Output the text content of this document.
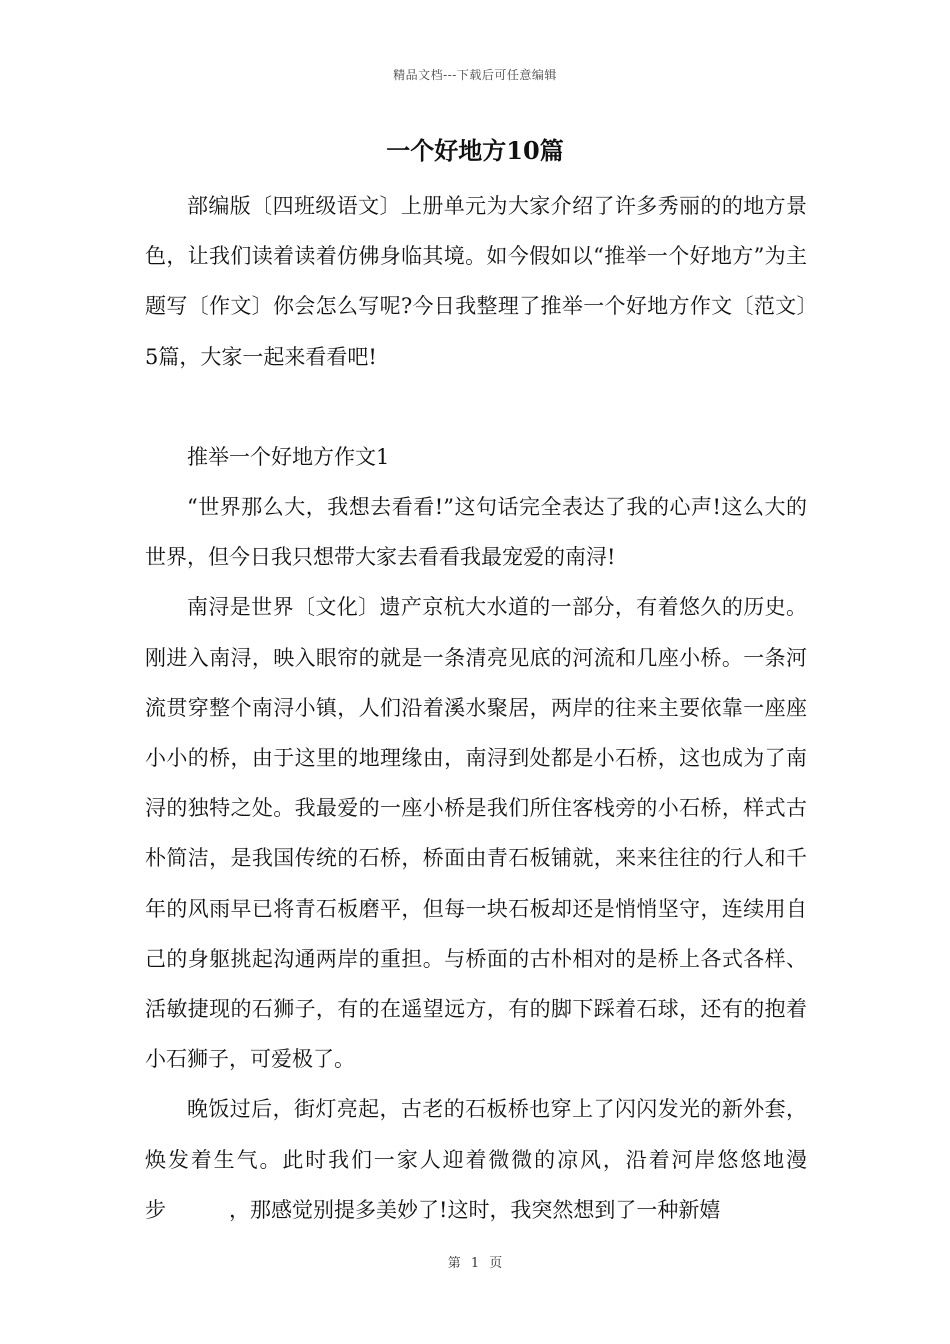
精品文档---下载后可任意编辑
一个好地方10篇

部编版〔四班级语文〕上册单元为大家介绍了许多秀丽的的地方景色，让我们读着读着仿佛身临其境。如今假如以“推举一个好地方”为主题写〔作文〕你会怎么写呢?今日我整理了推举一个好地方作文〔范文〕5篇，大家一起来看看吧!

推举一个好地方作文1

“世界那么大，我想去看看!”这句话完全表达了我的心声!这么大的世界，但今日我只想带大家去看看我最宠爱的南浔!

南浔是世界〔文化〕遗产京杭大水道的一部分，有着悠久的历史。刚进入南浔，映入眼帘的就是一条清亮见底的河流和几座小桥。一条河流贯穿整个南浔小镇，人们沿着溪水聚居，两岸的往来主要依靠一座座小小的桥，由于这里的地理缘由，南浔到处都是小石桥，这也成为了南浔的独特之处。我最爱的一座小桥是我们所住客栈旁的小石桥，样式古朴简洁，是我国传统的石桥，桥面由青石板铺就，来来往往的行人和千年的风雨早已将青石板磨平，但每一块石板却还是悄悄坚守，连续用自己的身躯挑起沟通两岸的重担。与桥面的古朴相对的是桥上各式各样、活敏捷现的石狮子，有的在遥望远方，有的脚下踩着石球，还有的抱着小石狮子，可爱极了。

晚饭过后，街灯亮起，古老的石板桥也穿上了闪闪发光的新外套，焕发着生气。此时我们一家人迎着微微的凉风，沿着河岸悠悠地漫步　　　，那感觉别提多美妙了!这时，我突然想到了一种新嬉

第 1 页
